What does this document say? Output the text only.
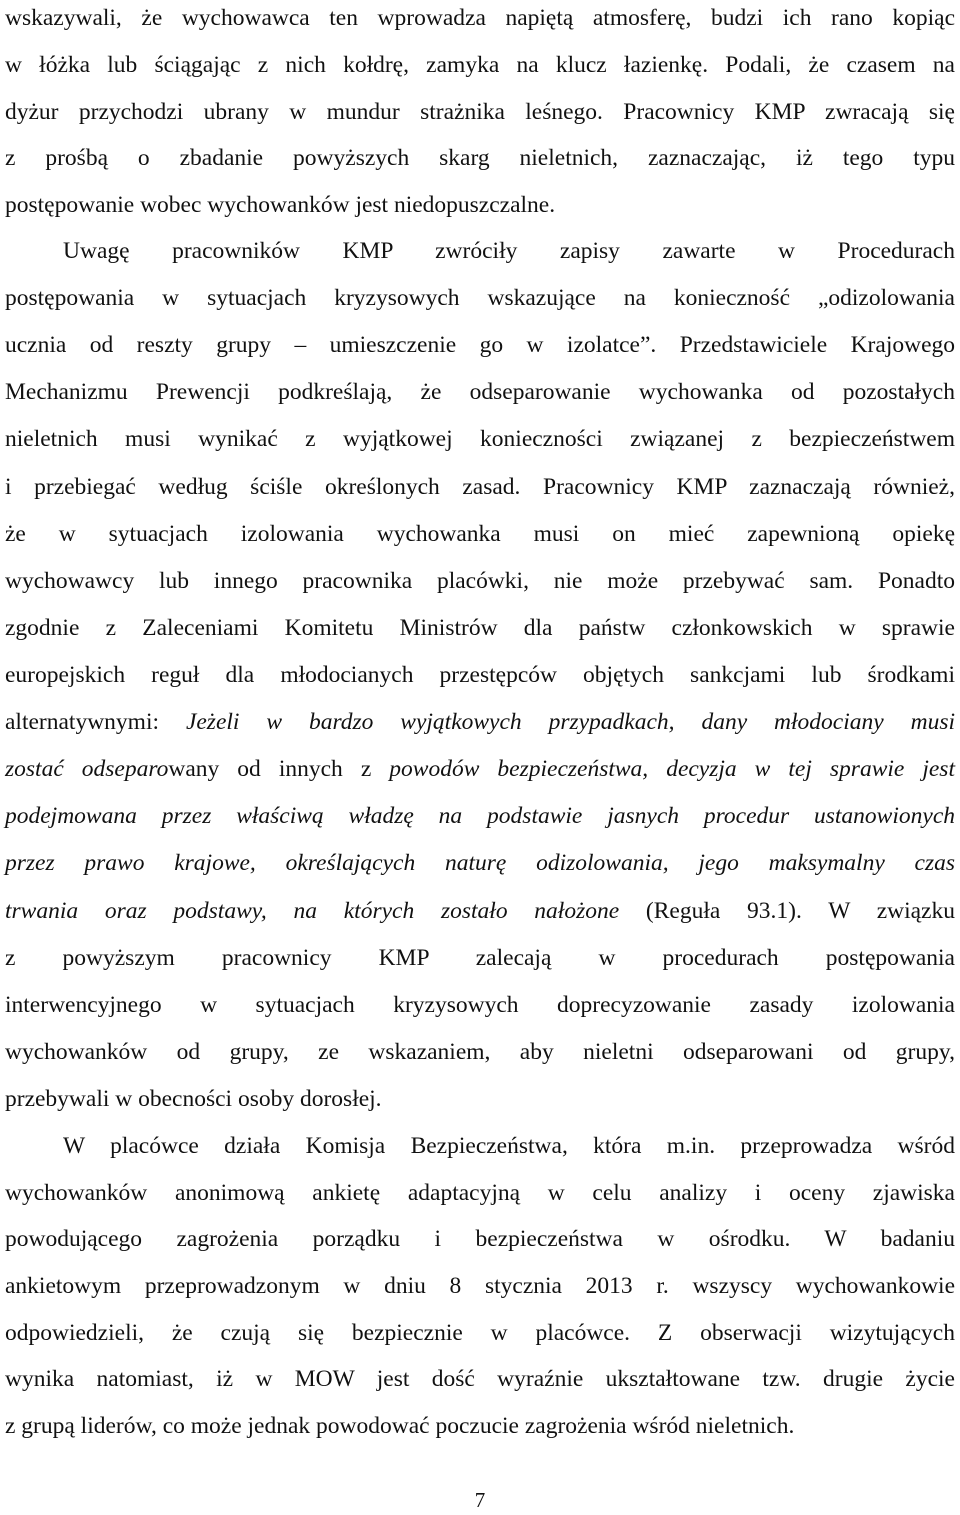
wskazywali, że wychowawca ten wprowadza napiętą atmosferę, budzi ich rano kopiąc
w łóżka lub ściągając z nich kołdrę, zamyka na klucz łazienkę. Podali, że czasem na
dyżur przychodzi ubrany w mundur strażnika leśnego. Pracownicy KMP zwracają się
z prośbą o zbadanie powyższych skarg nieletnich, zaznaczając, iż tego typu
postępowanie wobec wychowanków jest niedopuszczalne.
Uwagę pracowników KMP zwróciły zapisy zawarte w Procedurach
postępowania w sytuacjach kryzysowych wskazujące na konieczność „odizolowania
ucznia od reszty grupy – umieszczenie go w izolatce”. Przedstawiciele Krajowego
Mechanizmu Prewencji podkreślają, że odseparowanie wychowanka od pozostałych
nieletnich musi wynikać z wyjątkowej konieczności związanej z bezpieczeństwem
i przebiegać według ściśle określonych zasad. Pracownicy KMP zaznaczają również,
że w sytuacjach izolowania wychowanka musi on mieć zapewnioną opiekę
wychowawcy lub innego pracownika placówki, nie może przebywać sam. Ponadto
zgodnie z Zaleceniami Komitetu Ministrów dla państw członkowskich w sprawie
europejskich reguł dla młodocianych przestępców objętych sankcjami lub środkami
alternatywnymi: Jeżeli w bardzo wyjątkowych przypadkach, dany młodociany musi
zostać odseparowany od innych z powodów bezpieczeństwa, decyzja w tej sprawie jest
podejmowana przez właściwą władzę na podstawie jasnych procedur ustanowionych
przez prawo krajowe, określających naturę odizolowania, jego maksymalny czas
trwania oraz podstawy, na których zostało nałożone (Reguła 93.1). W związku
z powyższym pracownicy KMP zalecają w procedurach postępowania
interwencyjnego w sytuacjach kryzysowych doprecyzowanie zasady izolowania
wychowanków od grupy, ze wskazaniem, aby nieletni odseparowani od grupy,
przebywali w obecności osoby dorosłej.
W placówce działa Komisja Bezpieczeństwa, która m.in. przeprowadza wśród
wychowanków anonimową ankietę adaptacyjną w celu analizy i oceny zjawiska
powodującego zagrożenia porządku i bezpieczeństwa w ośrodku. W badaniu
ankietowym przeprowadzonym w dniu 8 stycznia 2013 r. wszyscy wychowankowie
odpowiedzieli, że czują się bezpiecznie w placówce. Z obserwacji wizytujących
wynika natomiast, iż w MOW jest dość wyraźnie ukształtowane tzw. drugie życie
z grupą liderów, co może jednak powodować poczucie zagrożenia wśród nieletnich.
7
